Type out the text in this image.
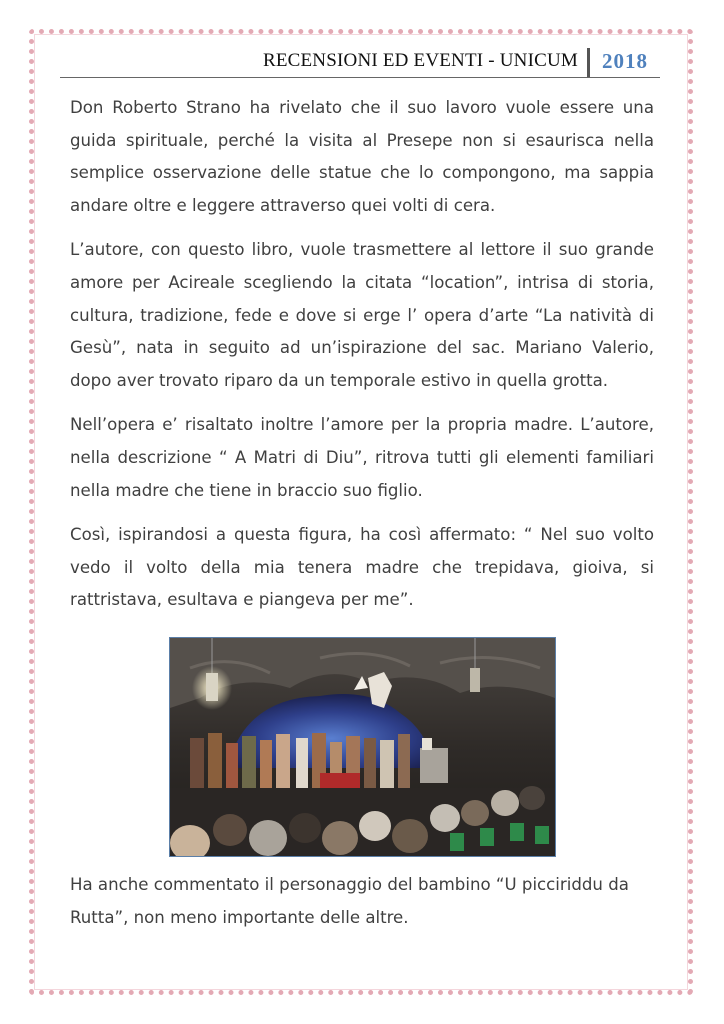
RECENSIONI ED EVENTI - UNICUM 2018

Don Roberto Strano ha rivelato che il suo lavoro vuole essere una guida spirituale, perché la visita al Presepe non si esaurisca nella semplice osservazione delle statue che lo compongono, ma sappia andare oltre e leggere attraverso quei volti di cera.

L’autore, con questo libro, vuole trasmettere al lettore il suo grande amore per Acireale scegliendo la citata “location”, intrisa di storia, cultura, tradizione, fede e dove si erge l’ opera d’arte “La natività di Gesù”, nata in seguito ad un’ispirazione del sac. Mariano Valerio, dopo aver trovato riparo da un temporale estivo in quella grotta.

Nell’opera e’ risaltato inoltre l’amore per la propria madre. L’autore, nella descrizione “ A Matri di Diu”, ritrova tutti gli elementi familiari nella madre che tiene in braccio suo figlio.

Così, ispirandosi a questa figura, ha così affermato: “ Nel suo volto vedo il volto della mia tenera madre che trepidava, gioiva, si rattristava, esultava e piangeva per me”.

Ha anche commentato il personaggio del bambino “U picciriddu da Rutta”, non meno importante delle altre.
